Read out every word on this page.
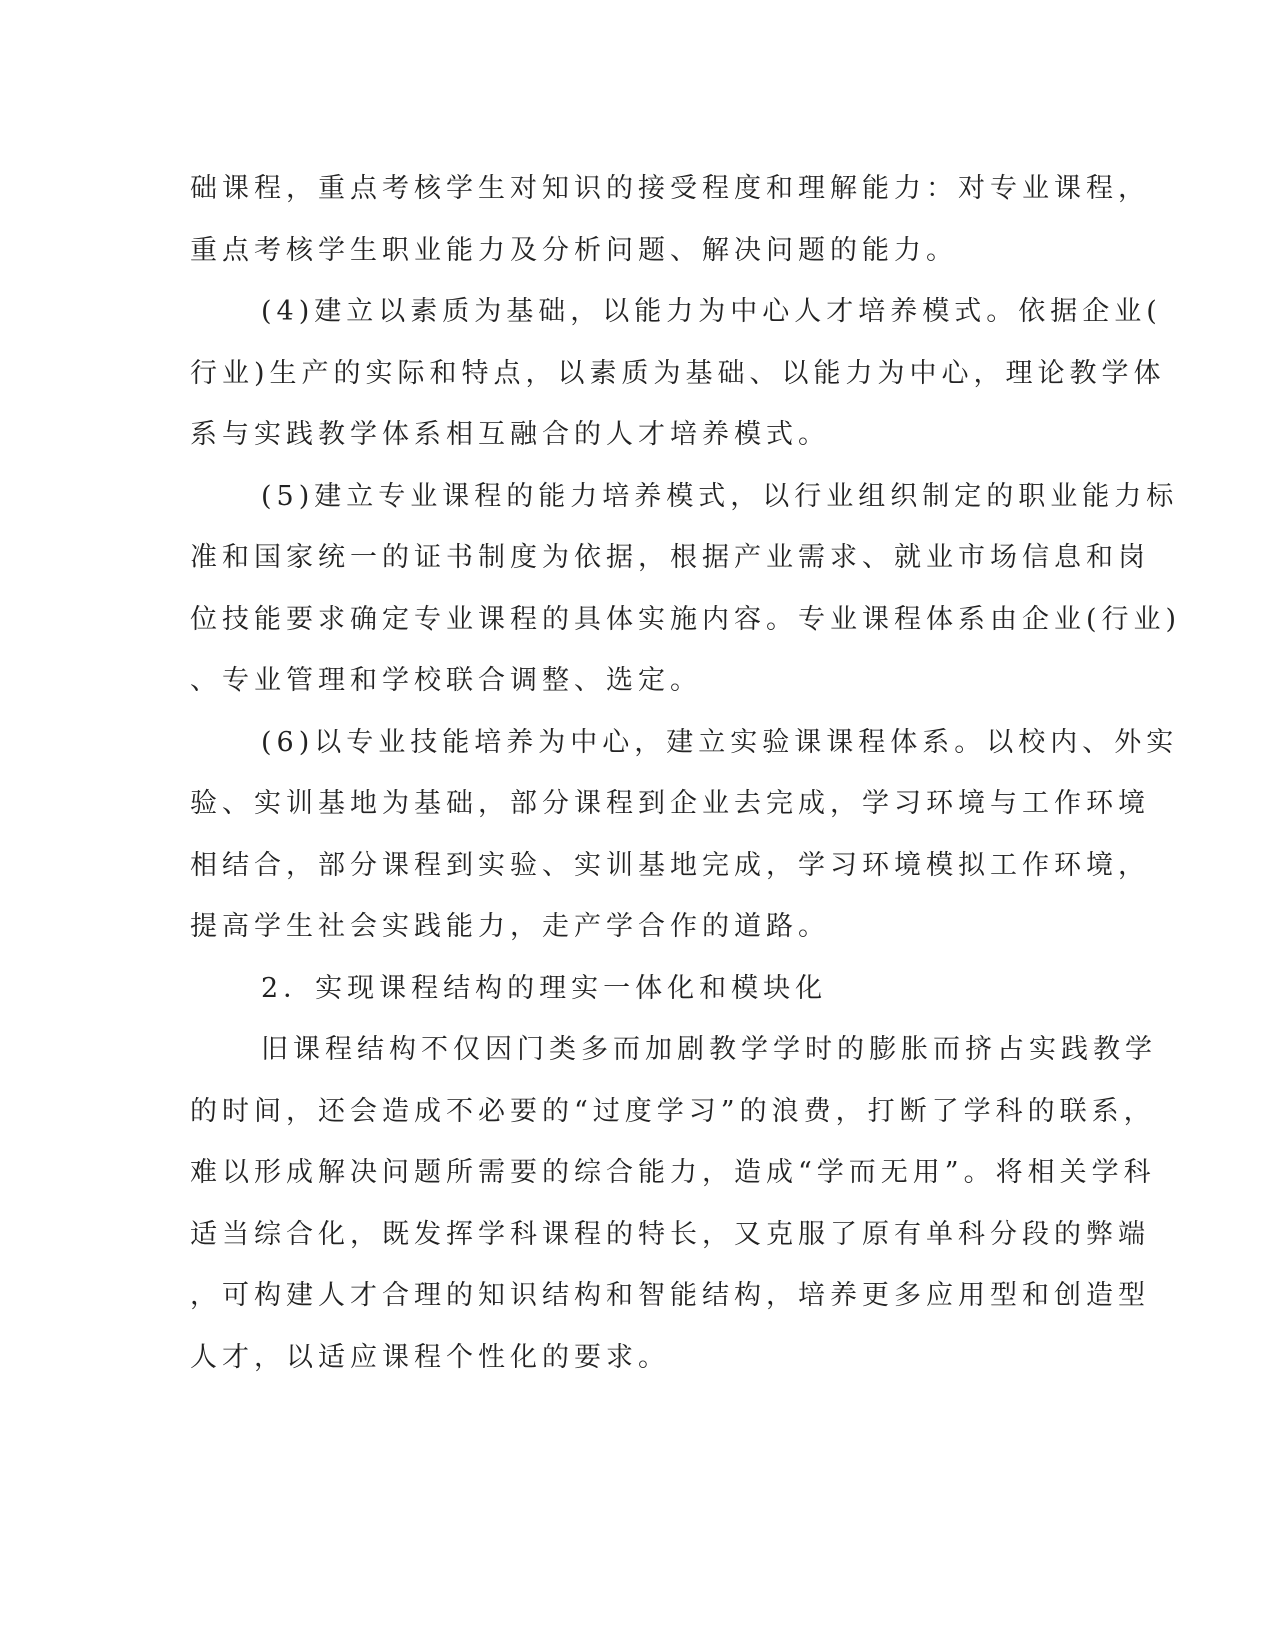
础课程，重点考核学生对知识的接受程度和理解能力：对专业课程，
重点考核学生职业能力及分析问题、解决问题的能力。
(4)建立以素质为基础，以能力为中心人才培养模式。依据企业(
行业)生产的实际和特点，以素质为基础、以能力为中心，理论教学体
系与实践教学体系相互融合的人才培养模式。
(5)建立专业课程的能力培养模式，以行业组织制定的职业能力标
准和国家统一的证书制度为依据，根据产业需求、就业市场信息和岗
位技能要求确定专业课程的具体实施内容。专业课程体系由企业(行业)
、专业管理和学校联合调整、选定。
(6)以专业技能培养为中心，建立实验课课程体系。以校内、外实
验、实训基地为基础，部分课程到企业去完成，学习环境与工作环境
相结合，部分课程到实验、实训基地完成，学习环境模拟工作环境，
提高学生社会实践能力，走产学合作的道路。
2．实现课程结构的理实一体化和模块化
旧课程结构不仅因门类多而加剧教学学时的膨胀而挤占实践教学
的时间，还会造成不必要的“过度学习”的浪费，打断了学科的联系，
难以形成解决问题所需要的综合能力，造成“学而无用”。将相关学科
适当综合化，既发挥学科课程的特长，又克服了原有单科分段的弊端
，可构建人才合理的知识结构和智能结构，培养更多应用型和创造型
人才，以适应课程个性化的要求。
